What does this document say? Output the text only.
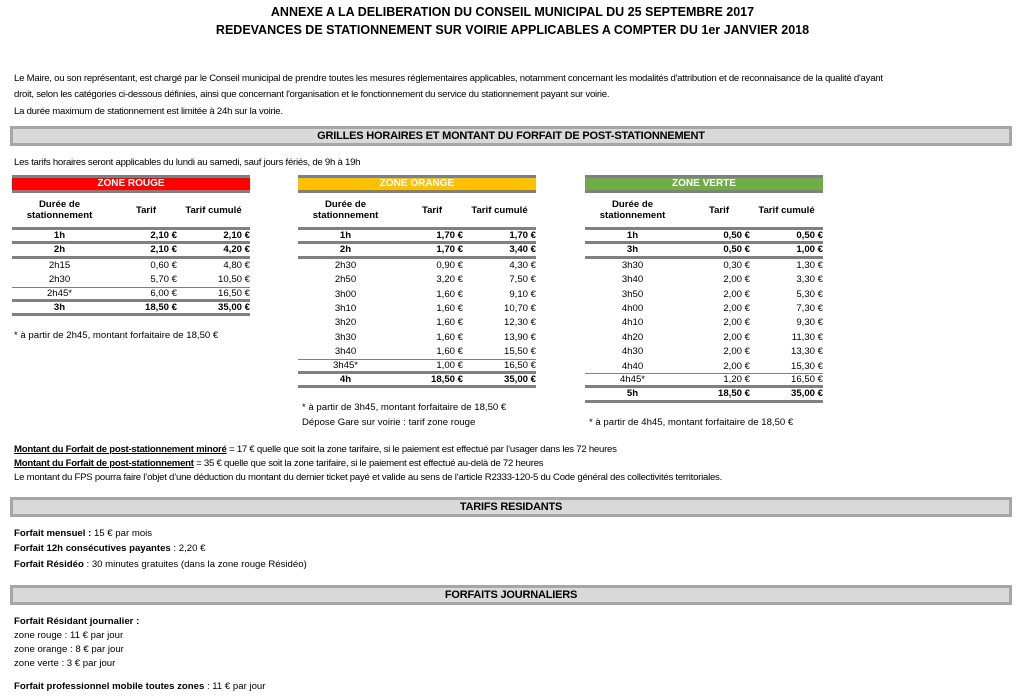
ANNEXE A LA DELIBERATION DU CONSEIL MUNICIPAL DU 25 SEPTEMBRE 2017
REDEVANCES DE STATIONNEMENT SUR VOIRIE APPLICABLES A COMPTER DU 1er JANVIER 2018
Le Maire, ou son représentant, est chargé par le Conseil municipal de prendre toutes les mesures réglementaires applicables, notamment concernant les modalités d'attribution et de reconnaisance de la qualité d'ayant
droit, selon les catégories ci-dessous définies, ainsi que concernant l'organisation et le fonctionnement du service du stationnement payant sur voirie.
La durée maximum de stationnement est limitée à 24h sur la voirie.
GRILLES HORAIRES ET MONTANT DU FORFAIT DE POST-STATIONNEMENT
Les tarifs horaires seront applicables du lundi au samedi, sauf jours fériés, de 9h à 19h
ZONE ROUGE
Durée de stationnement	Tarif	Tarif cumulé
1h	2,10 €	2,10 €
2h	2,10 €	4,20 €
2h15	0,60 €	4,80 €
2h30	5,70 €	10,50 €
2h45*	6,00 €	16,50 €
3h	18,50 €	35,00 €
* à partir de 2h45, montant forfaitaire de 18,50 €
ZONE ORANGE
Durée de stationnement	Tarif	Tarif cumulé
1h	1,70 €	1,70 €
2h	1,70 €	3,40 €
2h30	0,90 €	4,30 €
2h50	3,20 €	7,50 €
3h00	1,60 €	9,10 €
3h10	1,60 €	10,70 €
3h20	1,60 €	12,30 €
3h30	1,60 €	13,90 €
3h40	1,60 €	15,50 €
3h45*	1,00 €	16,50 €
4h	18,50 €	35,00 €
* à partir de 3h45, montant forfaitaire de 18,50 €
Dépose Gare sur voirie : tarif zone rouge
ZONE VERTE
Durée de stationnement	Tarif	Tarif cumulé
1h	0,50 €	0,50 €
3h	0,50 €	1,00 €
3h30	0,30 €	1,30 €
3h40	2,00 €	3,30 €
3h50	2,00 €	5,30 €
4h00	2,00 €	7,30 €
4h10	2,00 €	9,30 €
4h20	2,00 €	11,30 €
4h30	2,00 €	13,30 €
4h40	2,00 €	15,30 €
4h45*	1,20 €	16,50 €
5h	18,50 €	35,00 €
* à partir de 4h45, montant forfaitaire de 18,50 €
Montant du Forfait de post-stationnement minoré = 17 € quelle que soit la zone tarifaire, si le paiement est effectué par l’usager dans les 72 heures
Montant du Forfait de post-stationnement = 35 € quelle que soit la zone tarifaire, si le paiement est effectué au-delà de 72 heures
Le montant du FPS pourra faire l’objet d’une déduction du montant du dernier ticket payé et valide au sens de l’article R2333-120-5 du Code général des collectivités territoriales.
TARIFS RESIDANTS
Forfait mensuel : 15 € par mois
Forfait 12h consécutives payantes : 2,20 €
Forfait Résidéo : 30 minutes gratuites (dans la zone rouge Résidéo)
FORFAITS JOURNALIERS
Forfait Résidant journalier :
zone rouge : 11 € par jour
zone orange : 8 € par jour
zone verte : 3 € par jour
Forfait professionnel mobile toutes zones : 11 € par jour
